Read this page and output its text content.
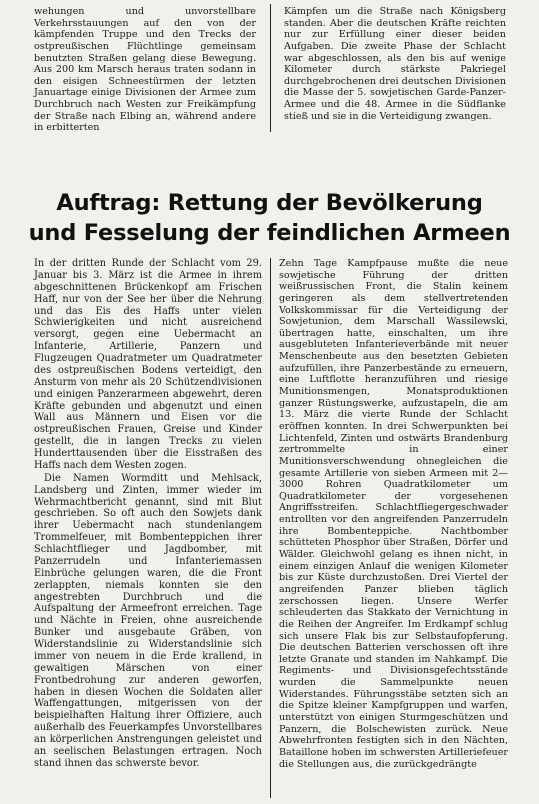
wehungen und unvorstellbare Verkehrsstauungen auf den von der kämpfenden Truppe und den Trecks der ostpreußischen Flüchtlinge gemeinsam benutzten Straßen gelang diese Bewegung. Aus 200 km Marsch heraus traten sodann in den eisigen Schneestürmen der letzten Januartage einige Divisionen der Armee zum Durchbruch nach Westen zur Freikämpfung der Straße nach Elbing an, während andere in erbitterten

Kämpfen um die Straße nach Königsberg standen. Aber die deutschen Kräfte reichten nur zur Erfüllung einer dieser beiden Aufgaben. Die zweite Phase der Schlacht war abgeschlossen, als den bis auf wenige Kilometer durch stärkste Pakriegel durchgebrochenen drei deutschen Divisionen die Masse der 5. sowjetischen Garde-Panzer-Armee und die 48. Armee in die Südflanke stieß und sie in die Verteidigung zwangen.

Auftrag: Rettung der Bevölkerung
und Fesselung der feindlichen Armeen

In der dritten Runde der Schlacht vom 29. Januar bis 3. März ist die Armee in ihrem abgeschnittenen Brückenkopf am Frischen Haff, nur von der See her über die Nehrung und das Eis des Haffs unter vielen Schwierigkeiten und nicht ausreichend versorgt, gegen eine Uebermacht an Infanterie, Artillerie, Panzern und Flugzeugen Quadratmeter um Quadratmeter des ostpreußischen Bodens verteidigt, den Ansturm von mehr als 20 Schützendivisionen und einigen Panzerarmeen abgewehrt, deren Kräfte gebunden und abgenutzt und einen Wall aus Männern und Eisen vor die ostpreußischen Frauen, Greise und Kinder gestellt, die in langen Trecks zu vielen Hunderttausenden über die Eisstraßen des Haffs nach dem Westen zogen.

Die Namen Wormditt und Mehlsack, Landsberg und Zinten, immer wieder im Wehrmachtbericht genannt, sind mit Blut geschrieben. So oft auch den Sowjets dank ihrer Uebermacht nach stundenlangem Trommelfeuer, mit Bombenteppichen ihrer Schlachtflieger und Jagdbomber, mit Panzerrudeln und Infanteriemassen Einbrüche gelungen waren, die die Front zerlappten, niemals konnten sie den angestrebten Durchbruch und die Aufspaltung der Armeefront erreichen. Tage und Nächte in Freien, ohne ausreichende Bunker und ausgebaute Gräben, von Widerstandslinie zu Widerstandslinie sich immer von neuem in die Erde krallend, in gewaltigen Märschen von einer Frontbedrohung zur anderen geworfen, haben in diesen Wochen die Soldaten aller Waffengattungen, mitgerissen von der beispielhaften Haltung ihrer Offiziere, auch außerhalb des Feuerkampfes Unvorstellbares an körperlichen Anstrengungen geleistet und an seelischen Belastungen ertragen. Noch stand ihnen das schwerste bevor.

Zehn Tage Kampfpause mußte die neue sowjetische Führung der dritten weißrussischen Front, die Stalin keinem geringeren als dem stellvertretenden Volkskommissar für die Verteidigung der Sowjetunion, dem Marschall Wassilewski, übertragen hatte, einschalten, um ihre ausgebluteten Infanterieverbände mit neuer Menschenbeute aus den besetzten Gebieten aufzufüllen, ihre Panzerbestände zu erneuern, eine Luftflotte heranzuführen und riesige Munitionsmengen, Monatsproduktionen ganzer Rüstungswerke, aufzustapeln, die am 13. März die vierte Runde der Schlacht eröffnen konnten. In drei Schwerpunkten bei Lichtenfeld, Zinten und ostwärts Brandenburg zertrommelte in einer Munitionsverschwendung ohnegleichen die gesamte Artillerie von sieben Armeen mit 2—3000 Rohren Quadratkilometer um Quadratkilometer der vorgesehenen Angriffsstreifen. Schlachtfliegergeschwader entrollten vor den angreifenden Panzerrudeln ihre Bombenteppiche. Nachtbomber schütteten Phosphor über Straßen, Dörfer und Wälder. Gleichwohl gelang es ihnen nicht, in einem einzigen Anlauf die wenigen Kilometer bis zur Küste durchzustoßen. Drei Viertel der angreifenden Panzer blieben täglich zerschossen liegen. Unsere Werfer schleuderten das Stakkato der Vernichtung in die Reihen der Angreifer. Im Erdkampf schlug sich unsere Flak bis zur Selbstaufopferung. Die deutschen Batterien verschossen oft ihre letzte Granate und standen im Nahkampf. Die Regiments- und Divisionsgefechtsstände wurden die Sammelpunkte neuen Widerstandes. Führungsstäbe setzten sich an die Spitze kleiner Kampfgruppen und warfen, unterstützt von einigen Sturmgeschützen und Panzern, die Bolschewisten zurück. Neue Abwehrfronten festigten sich in den Nächten, Bataillone hoben im schwersten Artilleriefeuer die Stellungen aus, die zurückgedrängte
